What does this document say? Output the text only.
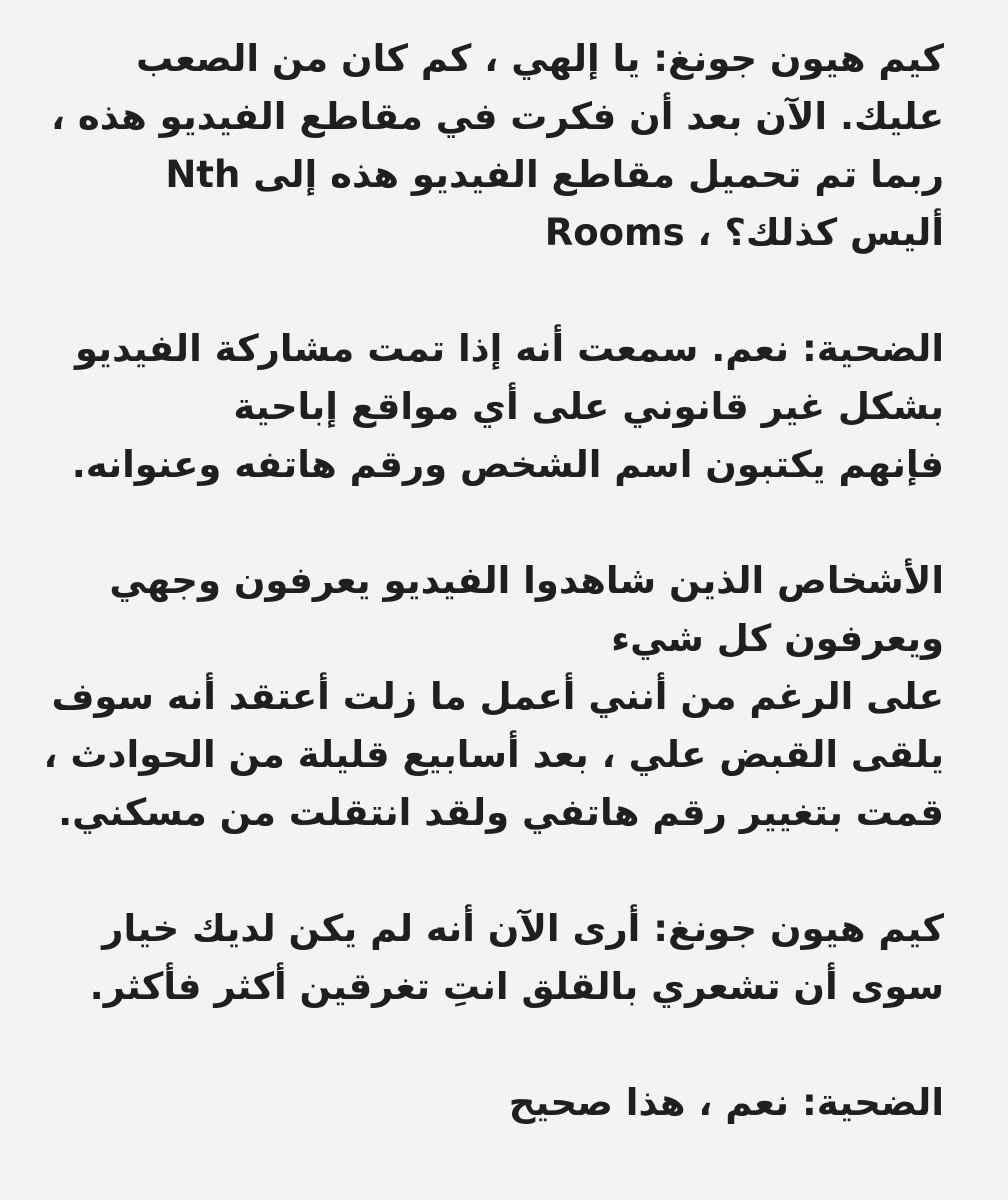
كيم هيون جونغ: يا إلهي ، كم كان من الصعب
عليك. الآن بعد أن فكرت في مقاطع الفيديو هذه ،
ربما تم تحميل مقاطع الفيديو هذه إلى Nth
Rooms ، أليس كذلك؟
الضحية: نعم. سمعت أنه إذا تمت مشاركة الفيديو
بشكل غير قانوني على أي مواقع إباحية
فإنهم يكتبون اسم الشخص ورقم هاتفه وعنوانه.
الأشخاص الذين شاهدوا الفيديو يعرفون وجهي
ويعرفون كل شيء
على الرغم من أنني أعمل ما زلت أعتقد أنه سوف
يلقى القبض علي ، بعد أسابيع قليلة من الحوادث ،
قمت بتغيير رقم هاتفي ولقد انتقلت من مسكني.
كيم هيون جونغ: أرى الآن أنه لم يكن لديك خيار
سوى أن تشعري بالقلق انتِ تغرقين أكثر فأكثر.
الضحية: نعم ، هذا صحيح
